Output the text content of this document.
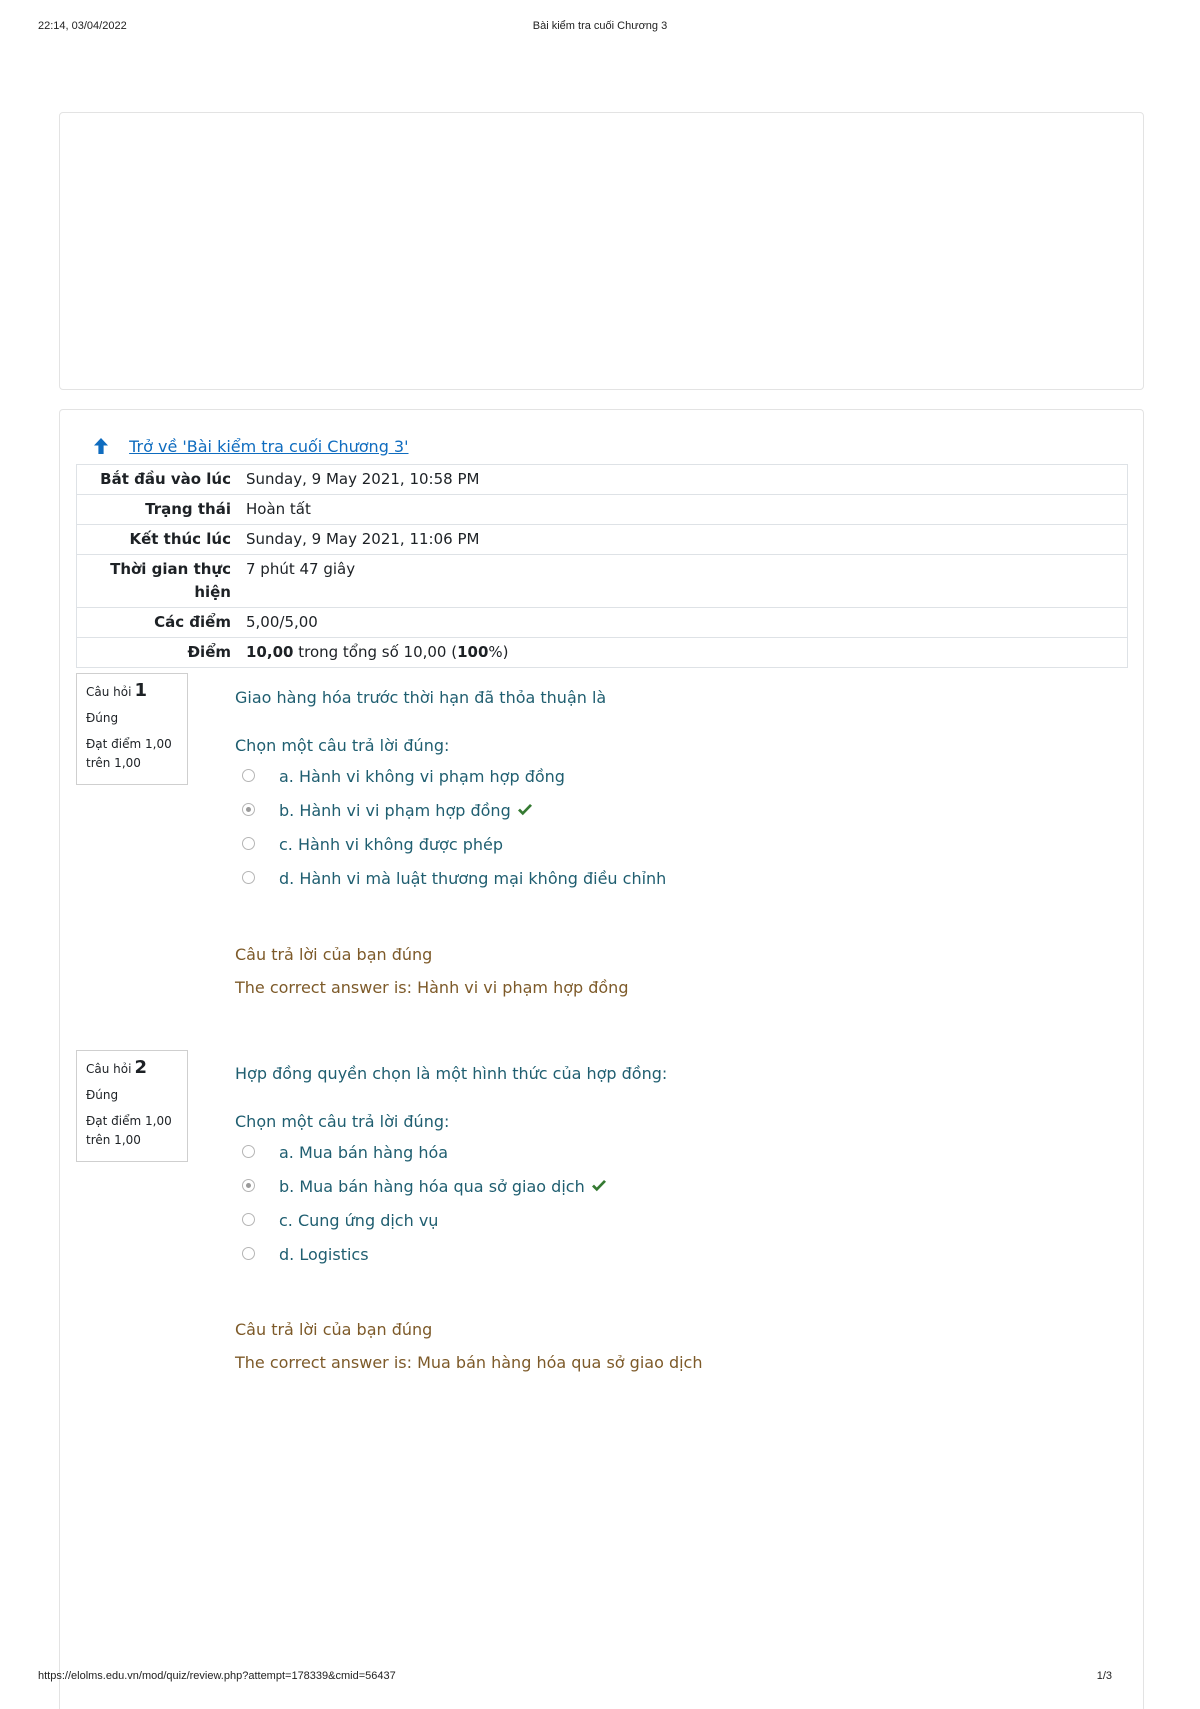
22:14, 03/04/2022	Bài kiểm tra cuối Chương 3
Trở về 'Bài kiểm tra cuối Chương 3'
Bắt đầu vào lúc	Sunday, 9 May 2021, 10:58 PM
Trạng thái	Hoàn tất
Kết thúc lúc	Sunday, 9 May 2021, 11:06 PM
Thời gian thực hiện	7 phút 47 giây
Các điểm	5,00/5,00
Điểm	10,00 trong tổng số 10,00 (100%)
Câu hỏi 1
Đúng
Đạt điểm 1,00 trên 1,00
Giao hàng hóa trước thời hạn đã thỏa thuận là
Chọn một câu trả lời đúng:
a. Hành vi không vi phạm hợp đồng
b. Hành vi vi phạm hợp đồng
c. Hành vi không được phép
d. Hành vi mà luật thương mại không điều chỉnh
Câu trả lời của bạn đúng
The correct answer is: Hành vi vi phạm hợp đồng
Câu hỏi 2
Đúng
Đạt điểm 1,00 trên 1,00
Hợp đồng quyền chọn là một hình thức của hợp đồng:
Chọn một câu trả lời đúng:
a. Mua bán hàng hóa
b. Mua bán hàng hóa qua sở giao dịch
c. Cung ứng dịch vụ
d. Logistics
Câu trả lời của bạn đúng
The correct answer is: Mua bán hàng hóa qua sở giao dịch
https://elolms.edu.vn/mod/quiz/review.php?attempt=178339&cmid=56437	1/3
